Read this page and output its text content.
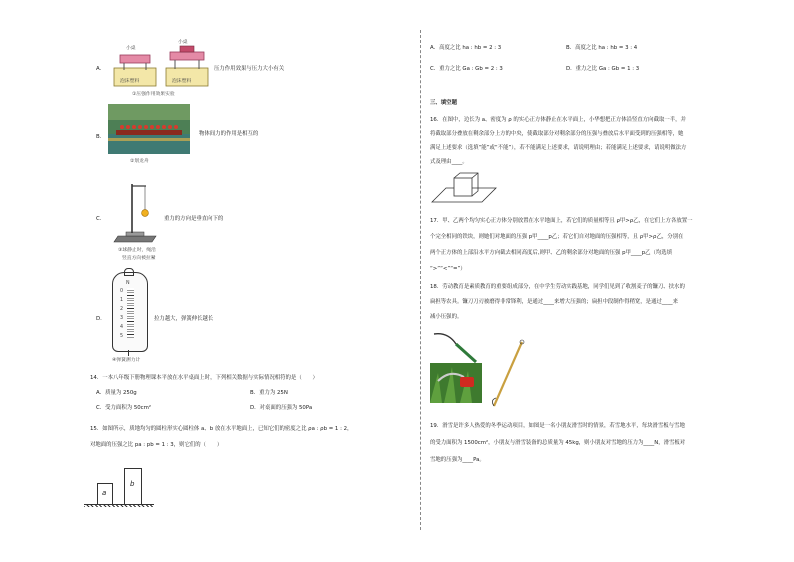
A.
小桌
小桌
泡沫塑料	泡沫塑料
压力作用效果与压力大小有关
①压强作用效果实验
B.	物体间力的作用是相互的
②划龙舟
C.	重力的方向是垂直向下的
③球静止时，绳沿
竖直方向被拉紧
D.
N
0
1
2
3
4
5
拉力越大，弹簧伸长越长
④弹簧测力计
14．一本八年级下册物理课本平放在水平桌面上时，下列相关数据与实际情况相符的是（　　）
A．质量为 250g	B．重力为 25N
C．受力面积为 50cm²	D．对桌面的压强为 50Pa
15．如图所示，质地均匀的圆柱形实心圆柱体 a、b 放在水平地面上，已知它们的密度之比 ρa : ρb = 1 : 2，
对地面的压强之比 pa : pb = 1 : 3，则它们的（　　）
a
b
A．高度之比 ha : hb = 2 : 3	B．高度之比 ha : hb = 3 : 4
C．重力之比 Ga : Gb = 2 : 3	D．重力之比 Ga : Gb = 1 : 3
三、填空题
16．在图中，边长为 a、密度为 ρ 的实心正方体静止在水平面上，小华想把正方体沿竖直方向截取一半，并
将截取部分叠放在剩余部分上方的中央，使截取部分对剩余部分的压强与叠放后水平面受到的压强相等，她
满足上述要求（选填“能”或“不能”），若不能满足上述要求，请说明理由；若能满足上述要求，请说明做法方
式及理由____。
17．甲、乙两个均匀实心正方体分别放置在水平地面上，若它们的质量相等且 ρ甲>ρ乙，在它们上方各放置一
个完全相同的铁块，则她们对地面的压强 p甲____p乙；若它们自对地面的压强相等，且 ρ甲>ρ乙，分别在
两个正方体的上部沿水平方向截去相同高度后,则甲、乙的剩余部分对地面的压强 p甲____p乙（均选填
“>”“<”“=”）
18．劳动教育是素质教育的重要组成部分，在中学生劳动实践基地，同学们见到了收割麦子的镰刀、扶水的
扁担等农具。镰刀刀刃被磨得非常锋利，是通过____来增大压强的；扁担中段制作得稍宽，是通过____来
减小压强的。
19．滑雪是许多人热爱的冬季运动项目，如图是一名小朋友滑雪时的情景，若雪地水平，每块滑雪板与雪地
的受力面积为 1500cm²，小朋友与滑雪装备的总质量为 45kg，则小朋友对雪地的压力为____N，滑雪板对
雪地的压强为____Pa。
